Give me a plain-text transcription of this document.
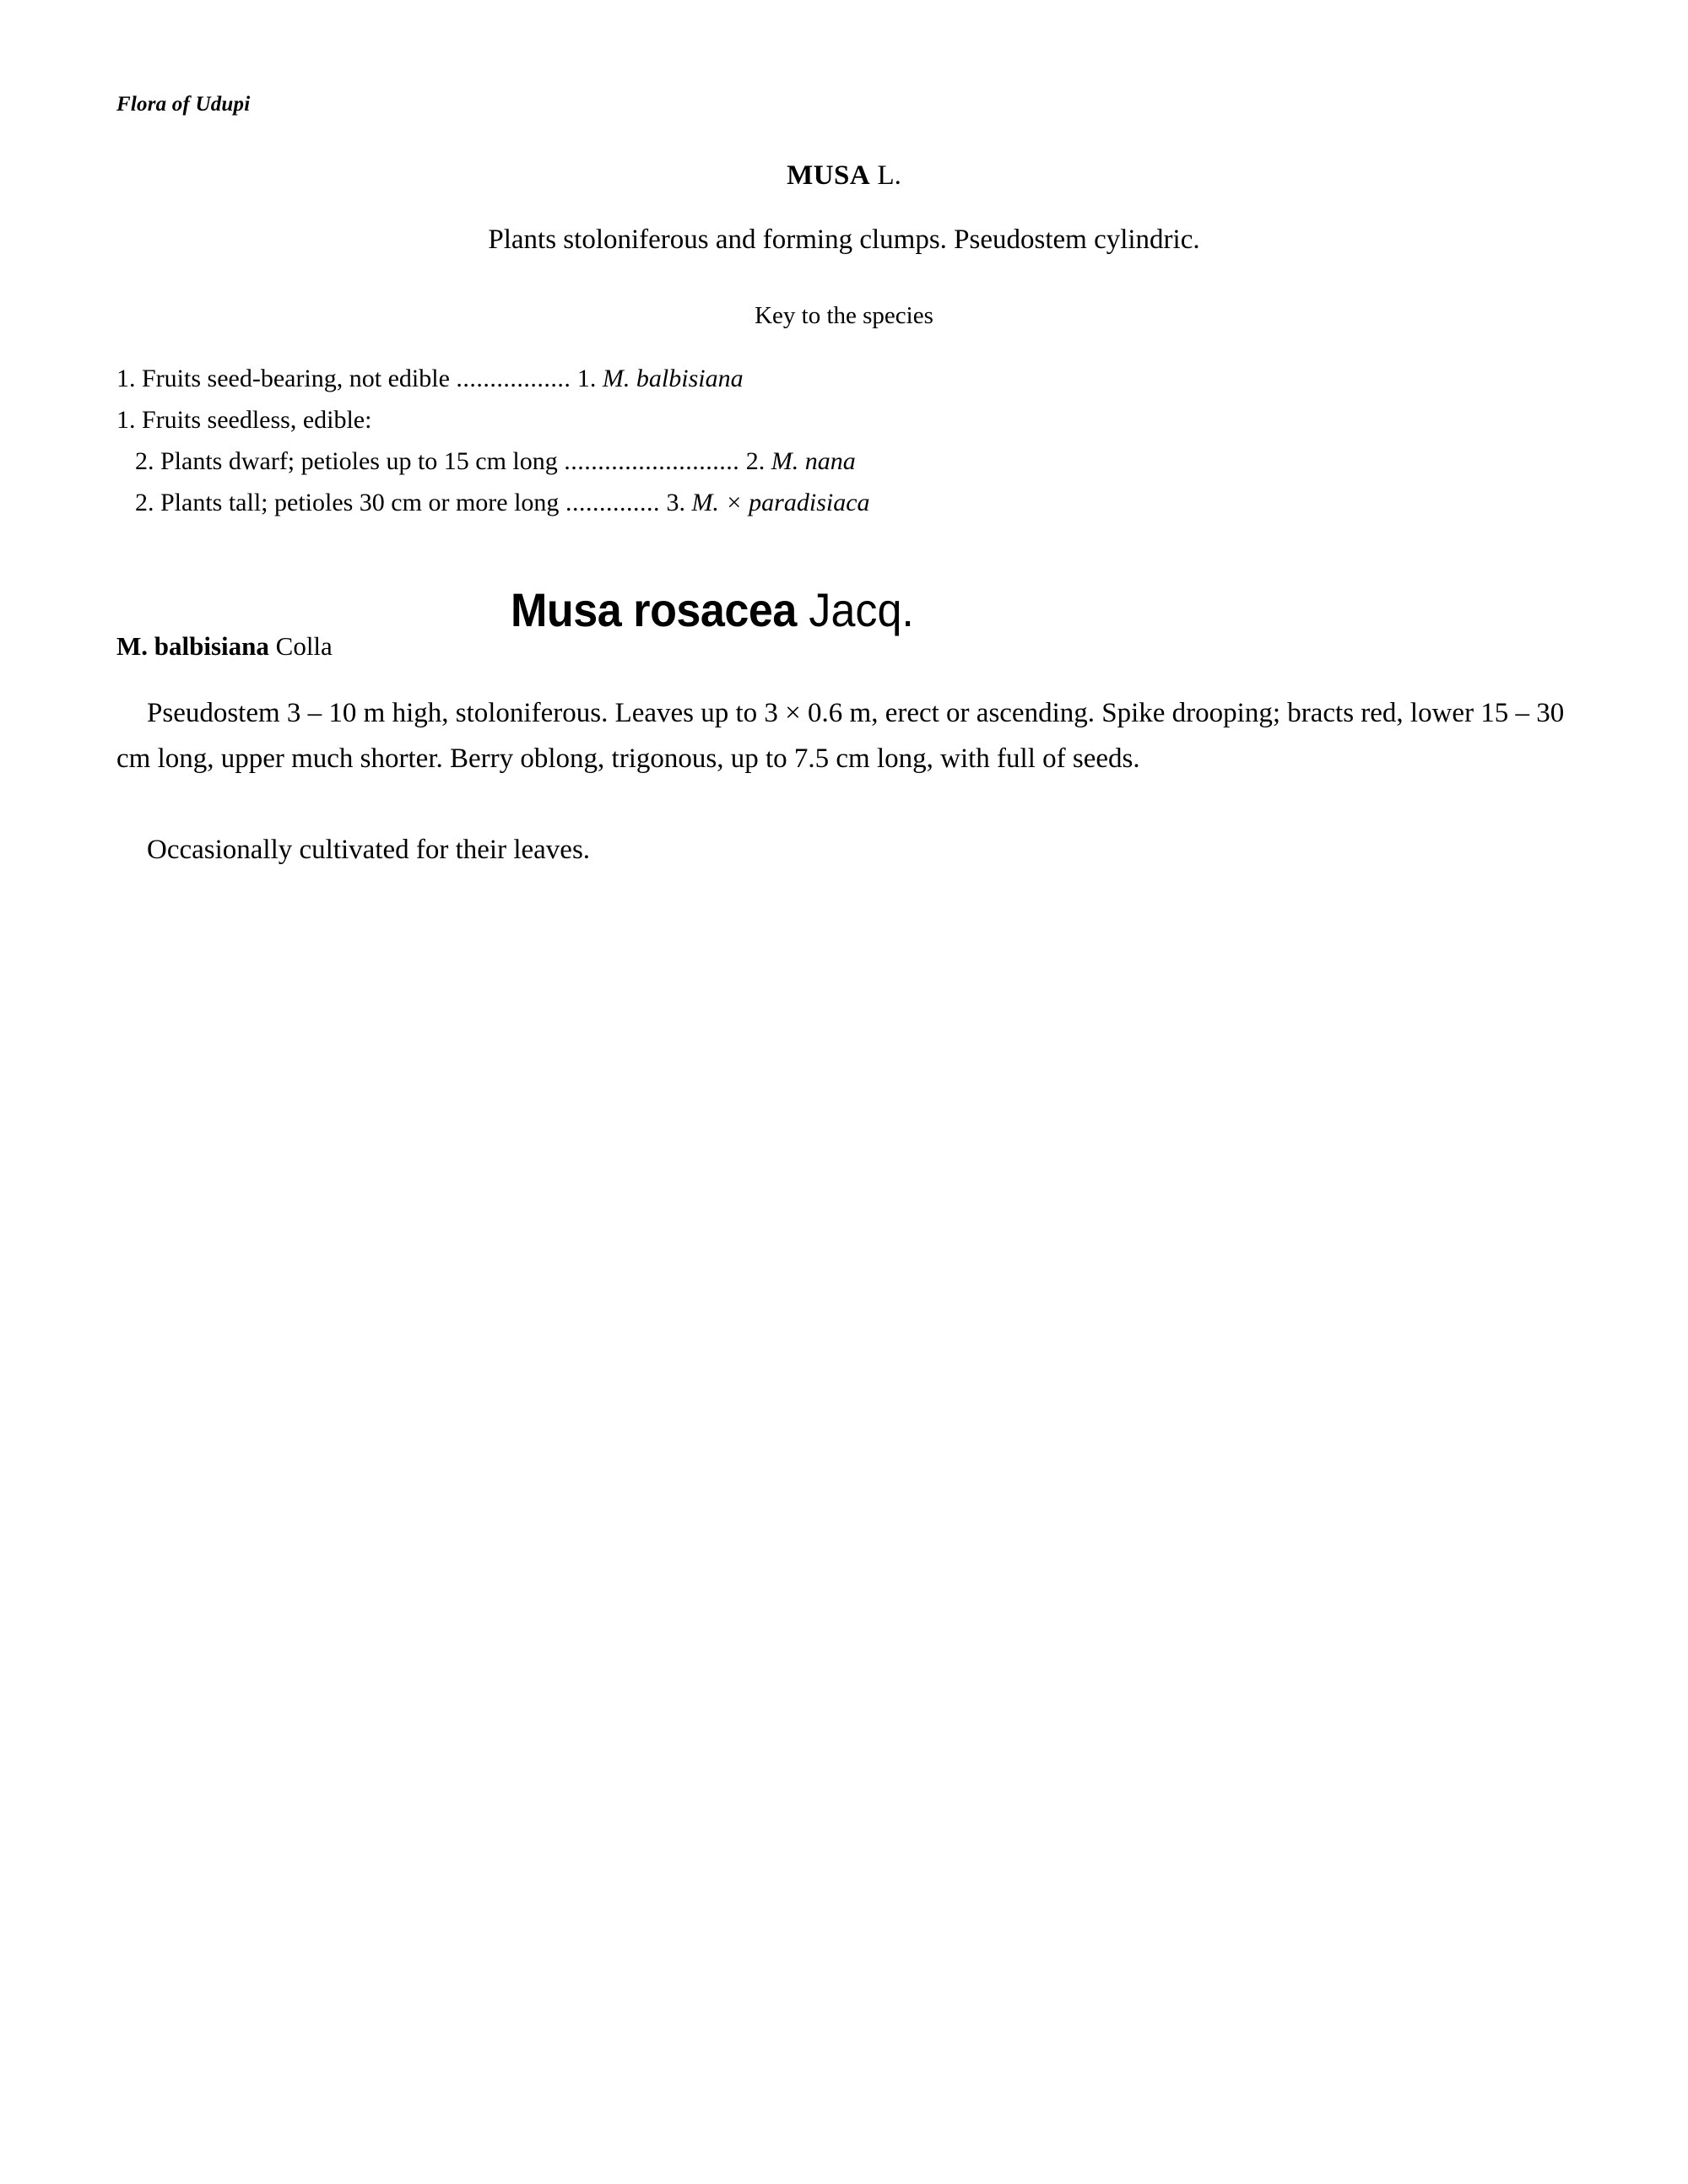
Flora of Udupi
MUSA L.
Plants stoloniferous and forming clumps. Pseudostem cylindric.
Key to the species
1. Fruits seed-bearing, not edible ................. 1. M. balbisiana
1. Fruits seedless, edible:
2. Plants dwarf; petioles up to 15 cm long .......................... 2. M. nana
2. Plants tall; petioles 30 cm or more long .............. 3. M. × paradisiaca
Musa rosacea Jacq.
M. balbisiana Colla
Pseudostem 3 – 10 m high, stoloniferous. Leaves up to 3 × 0.6 m, erect or ascending. Spike drooping; bracts red, lower 15 – 30 cm long, upper much shorter. Berry oblong, trigonous, up to 7.5 cm long, with full of seeds.
Occasionally cultivated for their leaves.
